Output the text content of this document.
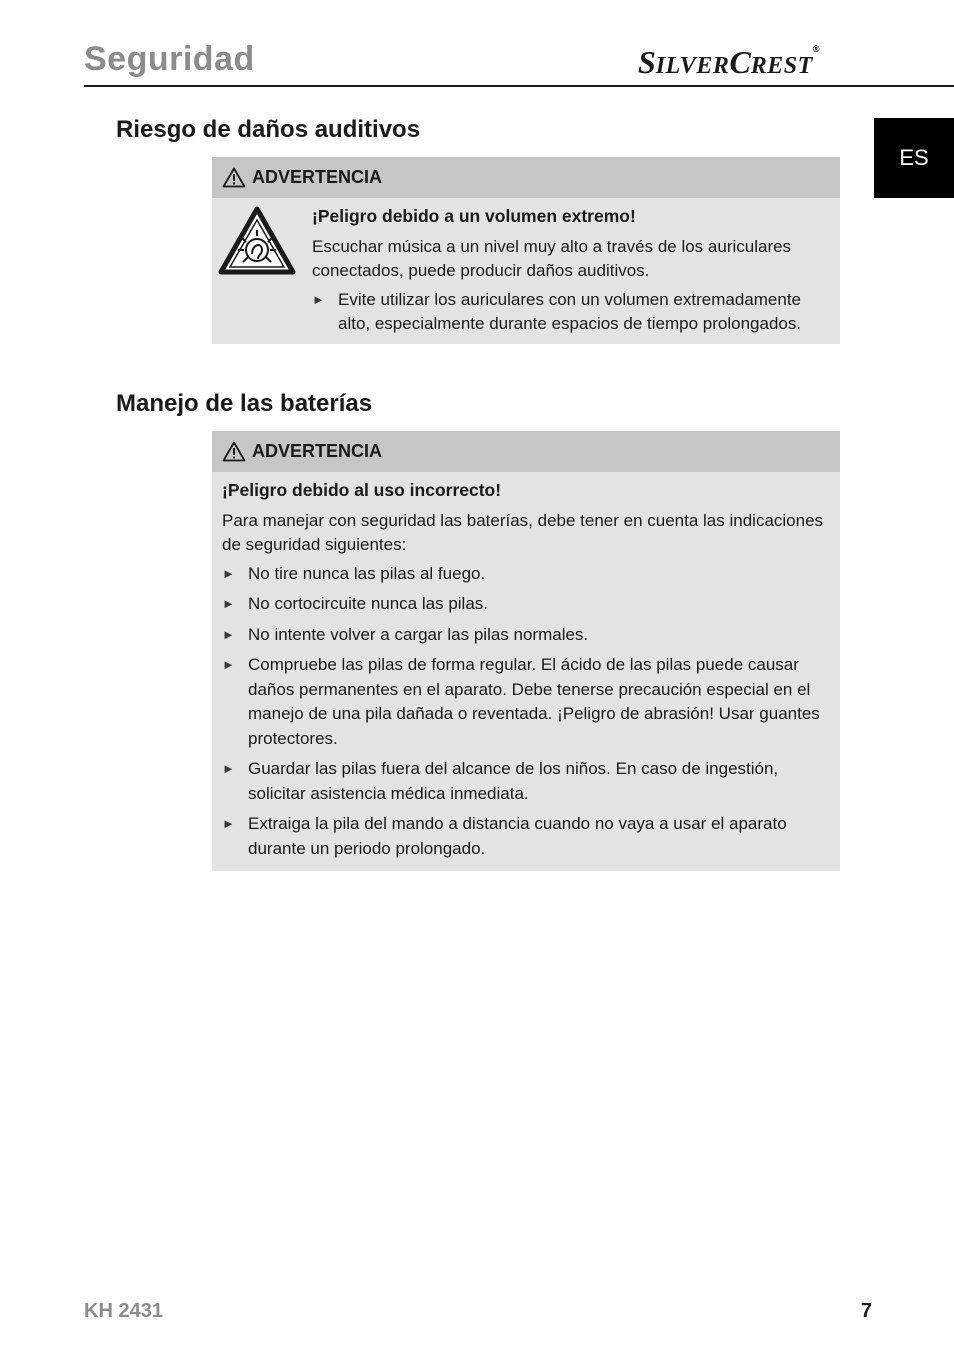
Seguridad	SILVERCREST®
ES
Riesgo de daños auditivos
ADVERTENCIA
¡Peligro debido a un volumen extremo!

Escuchar música a un nivel muy alto a través de los auriculares conectados, puede producir daños auditivos.

► Evite utilizar los auriculares con un volumen extremadamente alto, especialmente durante espacios de tiempo prolongados.
Manejo de las baterías
ADVERTENCIA
¡Peligro debido al uso incorrecto!

Para manejar con seguridad las baterías, debe tener en cuenta las indicaciones de seguridad siguientes:

► No tire nunca las pilas al fuego.
► No cortocircuite nunca las pilas.
► No intente volver a cargar las pilas normales.
► Compruebe las pilas de forma regular. El ácido de las pilas puede causar daños permanentes en el aparato. Debe tenerse precaución especial en el manejo de una pila dañada o reventada. ¡Peligro de abrasión! Usar guantes protectores.
► Guardar las pilas fuera del alcance de los niños. En caso de ingestión, solicitar asistencia médica inmediata.
► Extraiga la pila del mando a distancia cuando no vaya a usar el aparato durante un periodo prolongado.
KH 2431	7
